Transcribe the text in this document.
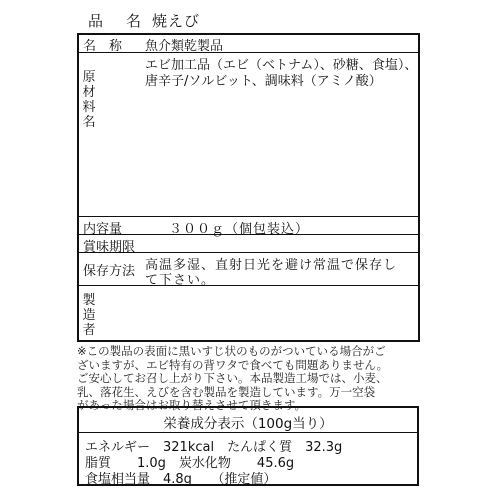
品 名 焼えび
名　称 魚介類乾製品
原材料名
エビ加工品（エビ（ベトナム）、砂糖、食塩）、
唐辛子/ソルビット、調味料（アミノ酸）
内容量	３００ｇ（個包装込）
賞味期限
保存方法 高温多湿、直射日光を避け常温で保存し
て下さい。
製造者
※この製品の表面に黒いすじ状のものがついている場合がご
ざいますが、エビ特有の背ワタで食べても問題ありません。
ご安心してお召し上がり下さい。本品製造工場では、小麦、
乳、落花生、えびを含む製品を製造しています。万一空袋
があった場合はお取り替えさせて頂きます。
栄養成分表示（100g当り）
エネルギー　321kcal　たんぱく質　32.3g
脂質　　1.0g　炭水化物　　45.6g
食塩相当量　4.8g　　（推定値）
